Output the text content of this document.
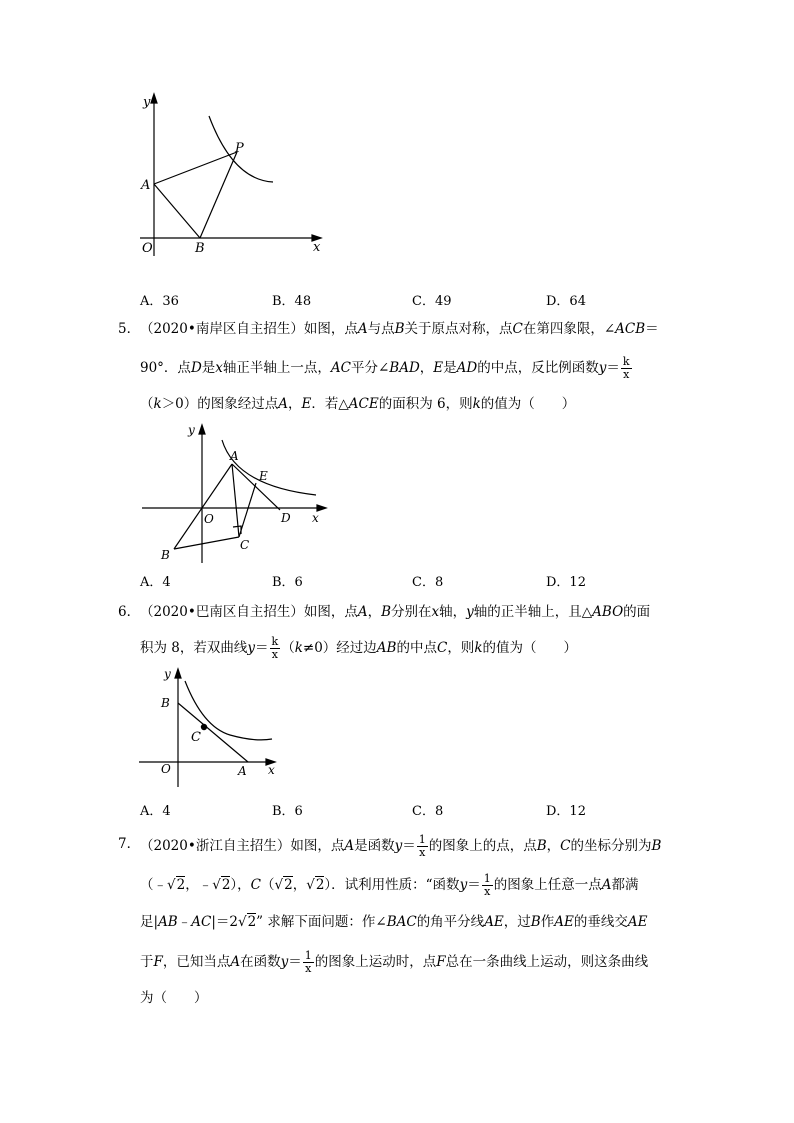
y
x
O
A
B
P
A．36	B．48	C．49	D．64
5． （2020•南岸区自主招生）如图，点A与点B关于原点对称，点C在第四象限，∠ACB＝
90°．点D是x轴正半轴上一点，AC平分∠BAD，E是AD的中点，反比例函数$y= \frac{k}{x}$
（k＞0）的图象经过点A，E．若△ACE的面积为 6，则k的值为（　　）
y
x
O
A
B
C
D
E
A．4	B．6	C．8	D．12
6． （2020•巴南区自主招生）如图，点A，B分别在x轴，y轴的正半轴上，且△ABO的面
积为 8，若双曲线$y= \frac{k}{x} (k\ne 0)$经过边AB的中点C，则k的值为（　　）
y
x
O	A
B
C
A．4	B．6	C．8	D．12
7． （2020•浙江自主招生）如图，点A是函数$y= \frac{1}{x}$ 的图象上的点，点B，C的坐标分别为B
（﹣√2，﹣√2），C（√2，√2）．试利用性质：“函数$y= \frac{1}{x}$ 的图象上任意一点A都满
足|AB﹣AC|＝2√2” 求解下面问题：作∠BAC的角平分线AE，过B作AE的垂线交AE
于F，已知当点A在函数$y= \frac{1}{x}$ 的图象上运动时，点F总在一条曲线上运动，则这条曲线
为（　　）
